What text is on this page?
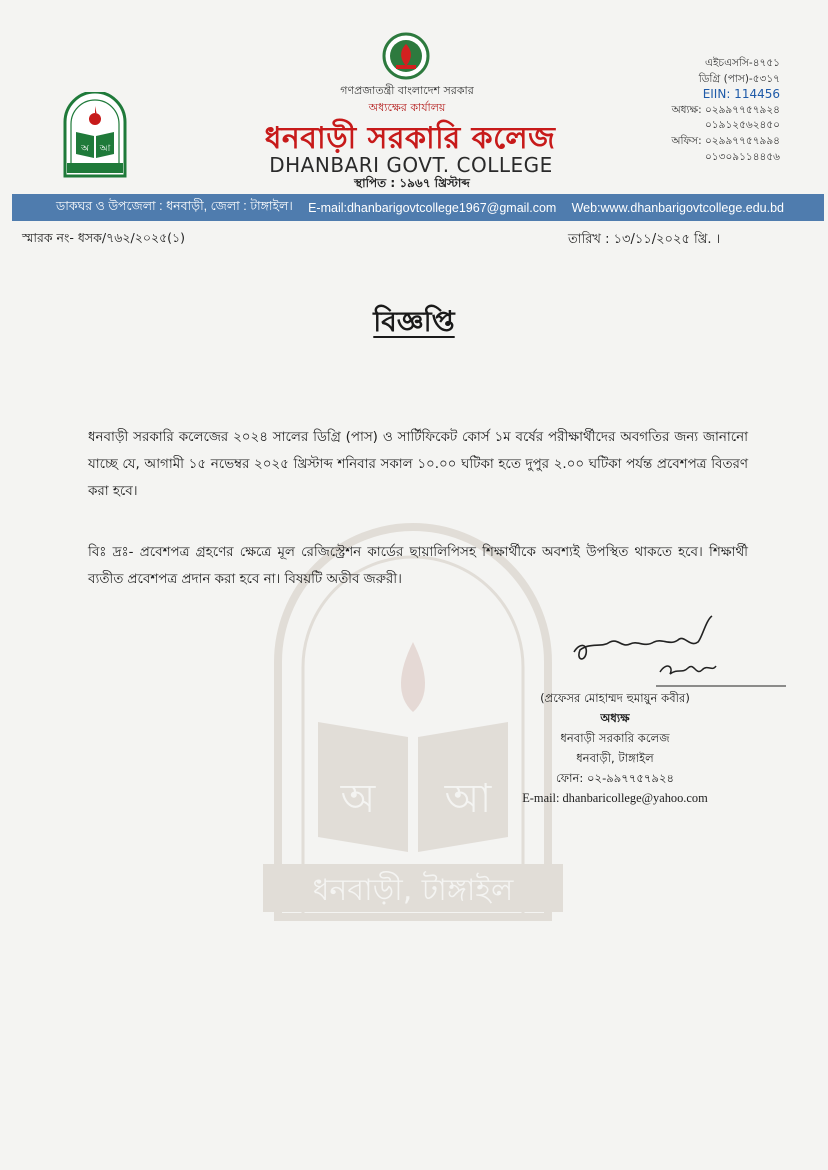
অ আ
ধনবাড়ী, টাঙ্গাইল
অ আ
গণপ্রজাতন্ত্রী বাংলাদেশ সরকার
অধ্যক্ষের কার্যালয়
ধনবাড়ী সরকারি কলেজ
DHANBARI GOVT. COLLEGE
স্থাপিত : ১৯৬৭ খ্রিস্টাব্দ
এইচএসসি-৪৭৫১
ডিগ্রি (পাস)-৫৩১৭
EIIN: 114456
অধ্যক্ষ: ০২৯৯৭৭৫৭৯২৪
০১৯১২৫৬২৪৫০
অফিস: ০২৯৯৭৭৫৭৯৯৪
০১৩০৯১১৪৪৫৬
ডাকঘর ও উপজেলা : ধনবাড়ী, জেলা : টাঙ্গাইল। E-mail:dhanbarigovtcollege1967@gmail.com Web:www.dhanbarigovtcollege.edu.bd
স্মারক নং- ধসক/৭৬২/২০২৫(১)	তারিখ : ১৩/১১/২০২৫ খ্রি. ।
বিজ্ঞপ্তি
ধনবাড়ী সরকারি কলেজের ২০২৪ সালের ডিগ্রি (পাস) ও সার্টিফিকেট কোর্স ১ম বর্ষের পরীক্ষার্থীদের অবগতির জন্য জানানো যাচ্ছে যে, আগামী ১৫ নভেম্বর ২০২৫ খ্রিস্টাব্দ শনিবার সকাল ১০.০০ ঘটিকা হতে দুপুর ২.০০ ঘটিকা পর্যন্ত প্রবেশপত্র বিতরণ করা হবে।
বিঃ দ্রঃ- প্রবেশপত্র গ্রহণের ক্ষেত্রে মূল রেজিস্ট্রেশন কার্ডের ছায়ালিপিসহ শিক্ষার্থীকে অবশ্যই উপস্থিত থাকতে হবে। শিক্ষার্থী ব্যতীত প্রবেশপত্র প্রদান করা হবে না। বিষয়টি অতীব জরুরী।
(প্রফেসর মোহাম্মদ হুমায়ুন কবীর)
অধ্যক্ষ
ধনবাড়ী সরকারি কলেজ
ধনবাড়ী, টাঙ্গাইল
ফোন: ০২-৯৯৭৭৫৭৯২৪
E-mail: dhanbaricollege@yahoo.com
